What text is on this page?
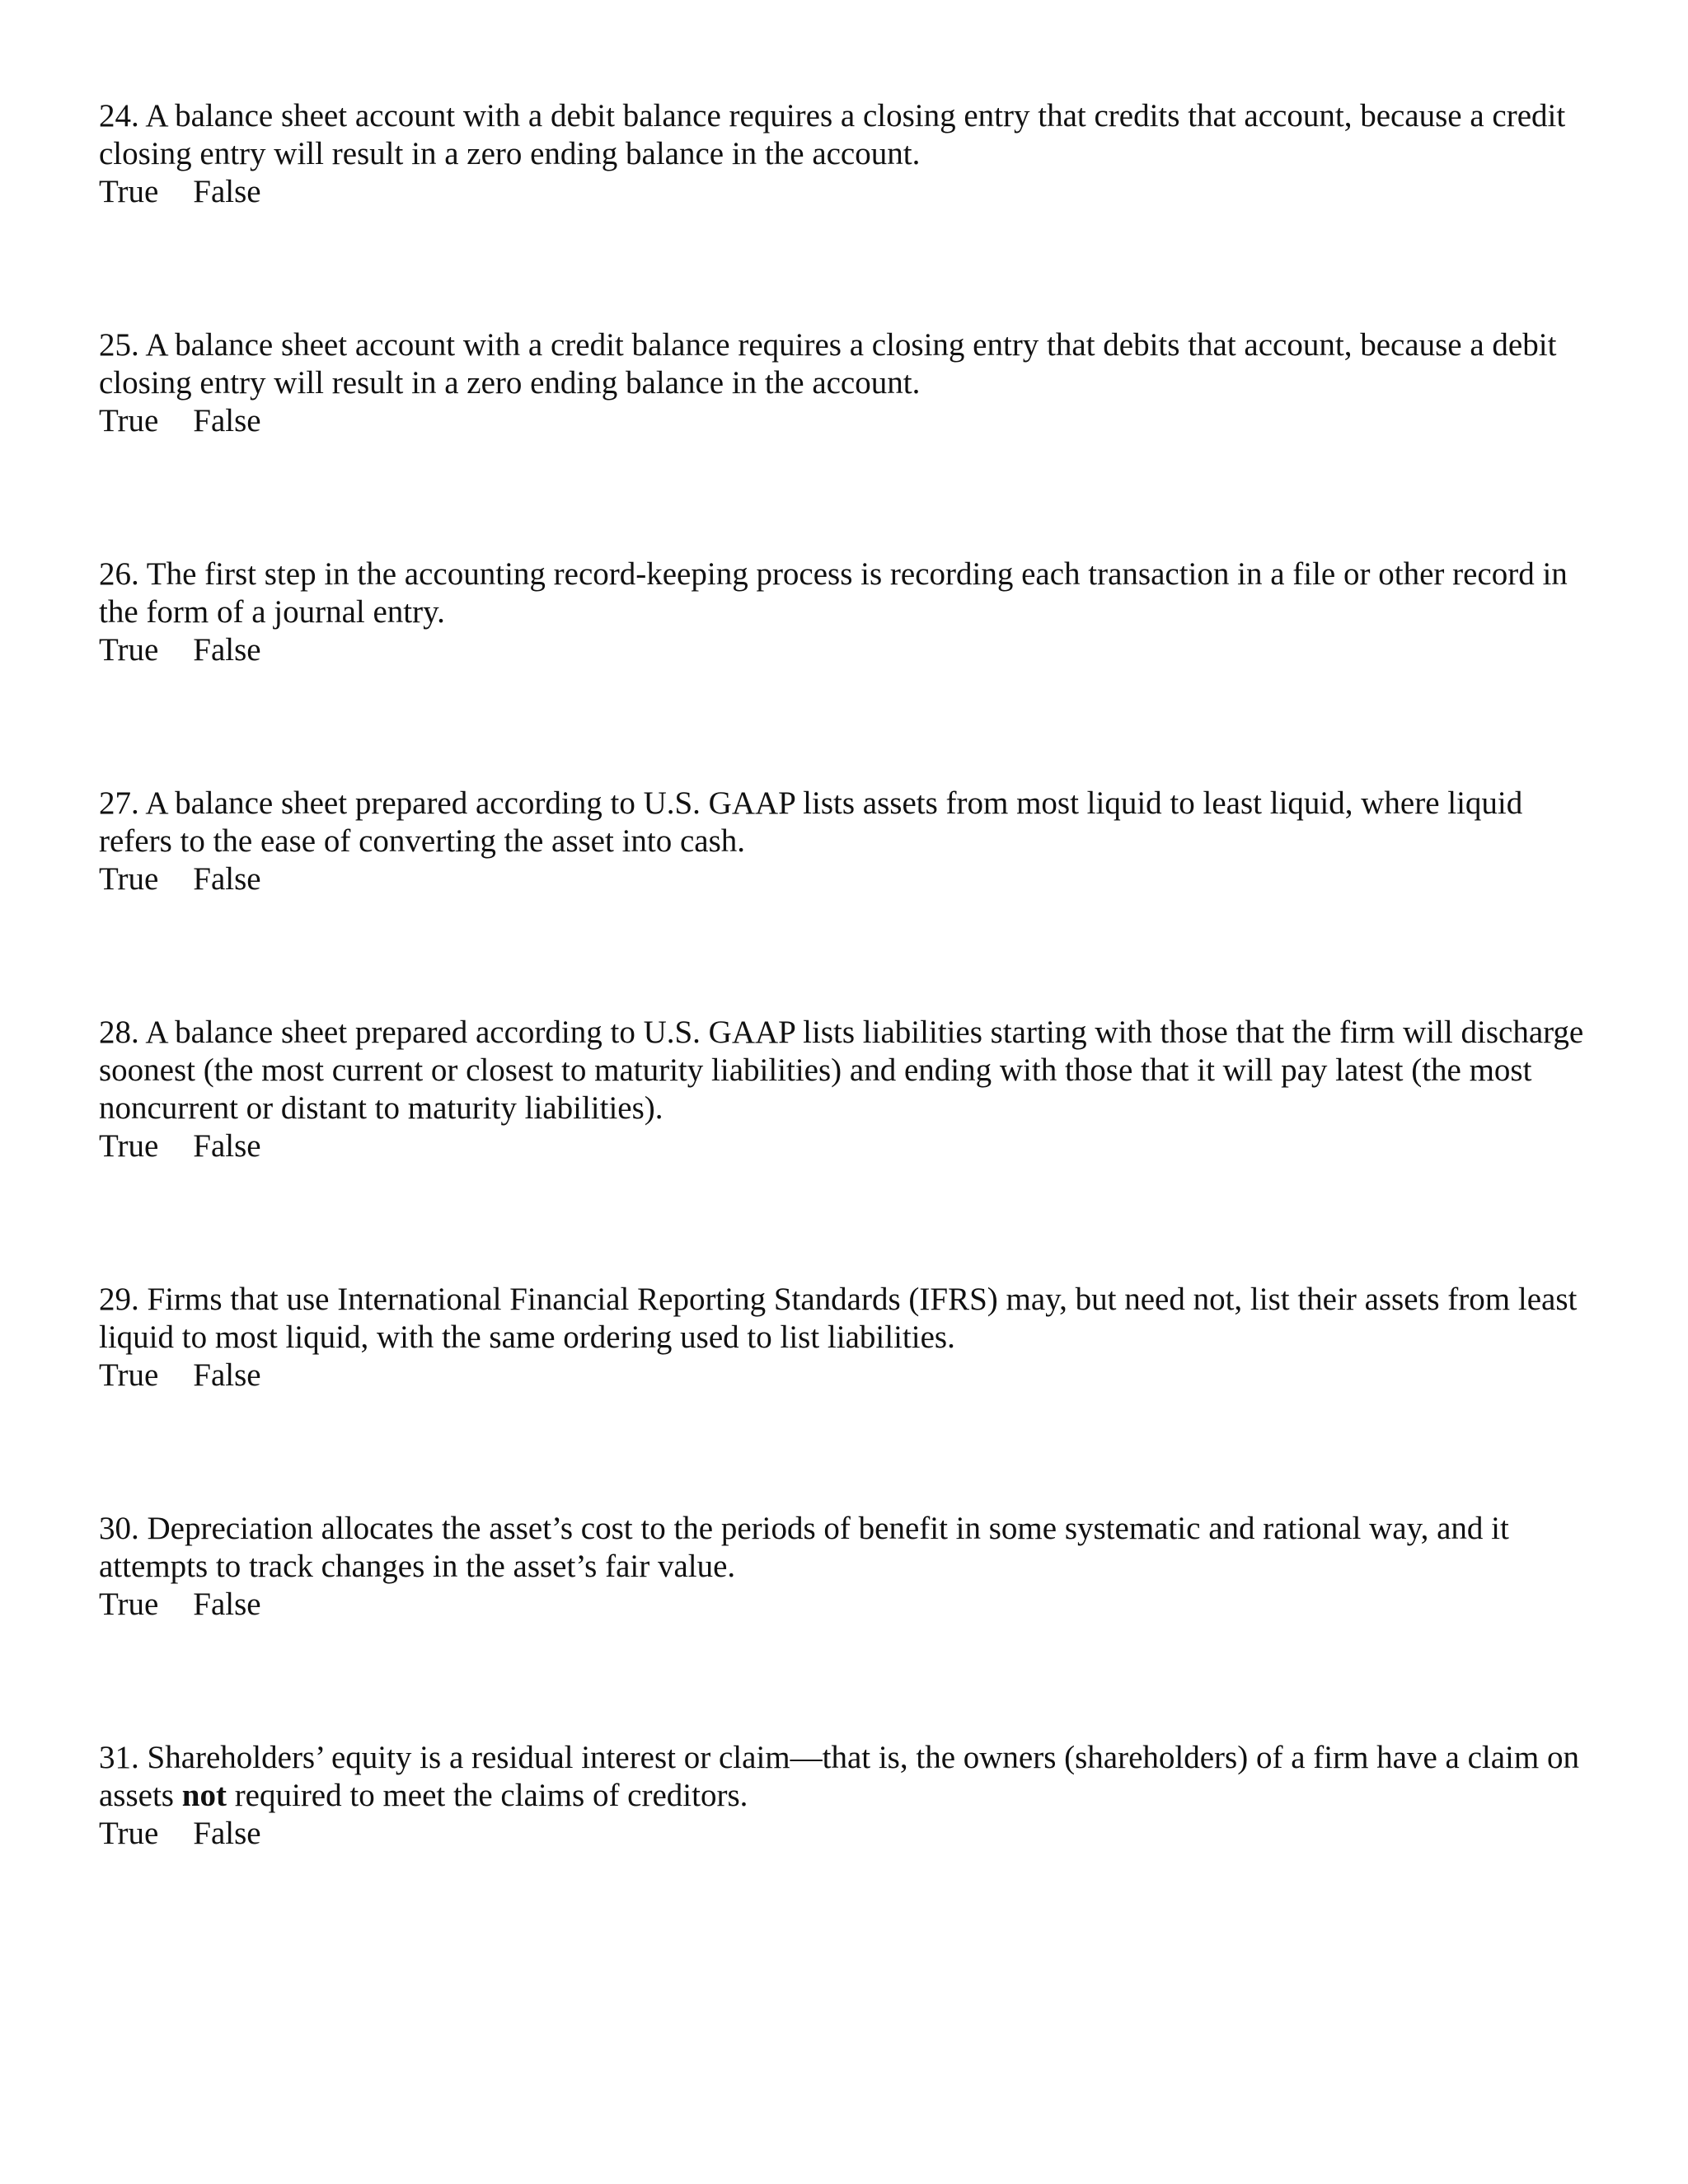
24. A balance sheet account with a debit balance requires a closing entry that credits that account, because a credit closing entry will result in a zero ending balance in the account.

True False

25. A balance sheet account with a credit balance requires a closing entry that debits that account, because a debit closing entry will result in a zero ending balance in the account.

True False

26. The first step in the accounting record-keeping process is recording each transaction in a file or other record in the form of a journal entry.

True False

27. A balance sheet prepared according to U.S. GAAP lists assets from most liquid to least liquid, where liquid refers to the ease of converting the asset into cash.

True False

28. A balance sheet prepared according to U.S. GAAP lists liabilities starting with those that the firm will discharge soonest (the most current or closest to maturity liabilities) and ending with those that it will pay latest (the most noncurrent or distant to maturity liabilities).

True False

29. Firms that use International Financial Reporting Standards (IFRS) may, but need not, list their assets from least liquid to most liquid, with the same ordering used to list liabilities.

True False

30. Depreciation allocates the asset’s cost to the periods of benefit in some systematic and rational way, and it attempts to track changes in the asset’s fair value.

True False

31. Shareholders’ equity is a residual interest or claim—that is, the owners (shareholders) of a firm have a claim on assets not required to meet the claims of creditors.

True False
